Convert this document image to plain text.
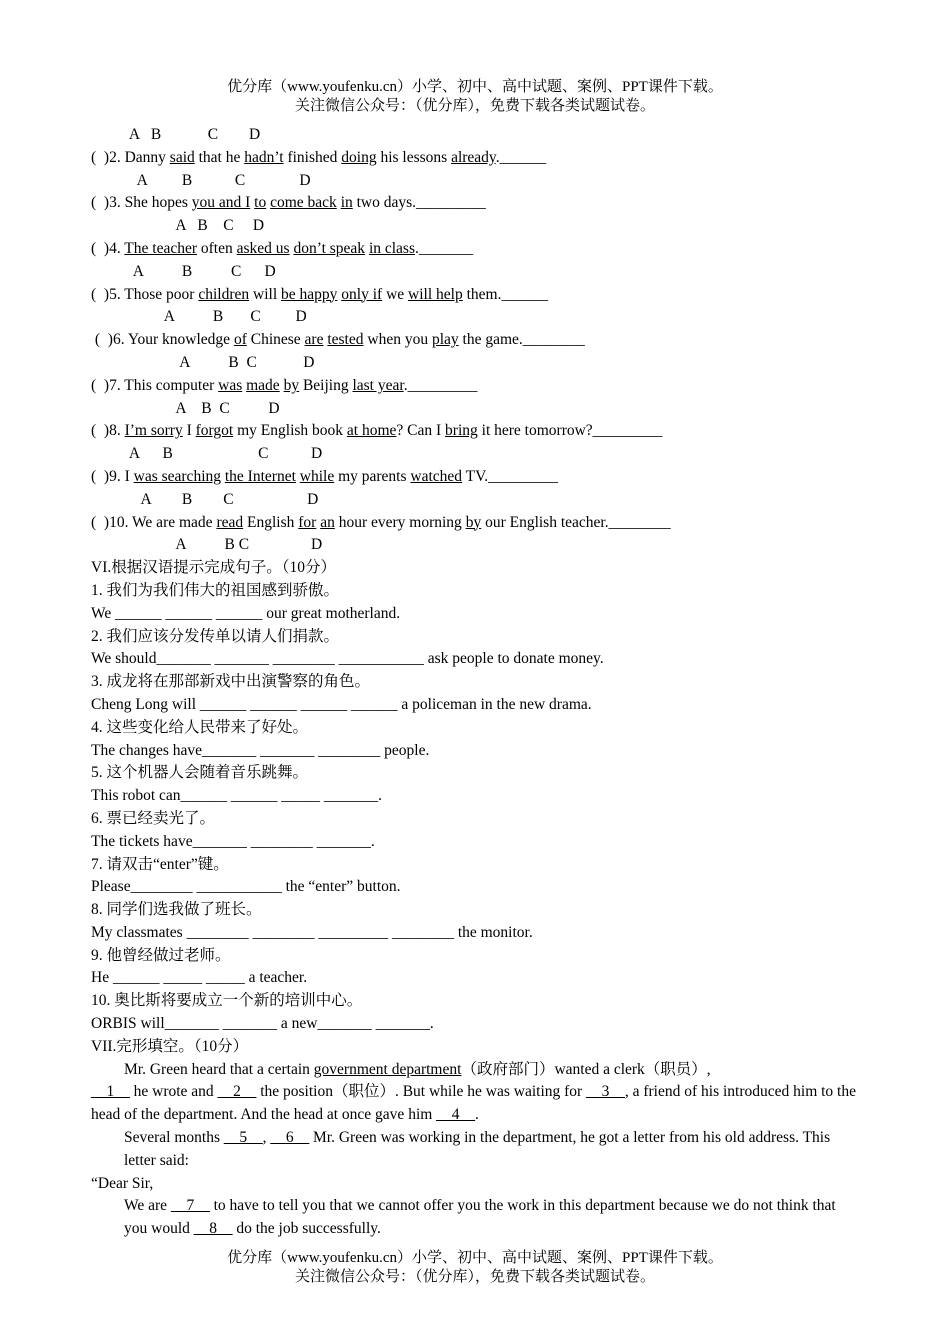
优分库（www.youfenku.cn）小学、初中、高中试题、案例、PPT课件下载。
关注微信公众号：（优分库），免费下载各类试题试卷。
A   B            C        D
(  )2. Danny said that he hadn’t finished doing his lessons already.______
A         B           C              D
(  )3. She hopes you and I to come back in two days._________
A   B    C     D
(  )4. The teacher often asked us don’t speak in class._______
A          B          C      D
(  )5. Those poor children will be happy only if we will help them.______
A          B       C         D
(  )6. Your knowledge of Chinese are tested when you play the game.________
A          B  C            D
(  )7. This computer was made by Beijing last year._________
A    B  C          D
(  )8. I’m sorry I forgot my English book at home? Can I bring it here tomorrow?_________
A      B                      C           D
(  )9. I was searching the Internet while my parents watched TV._________
A        B        C                   D
(  )10. We are made read English for an hour every morning by our English teacher.________
A          B C                D
VI.根据汉语提示完成句子。（10分）
1. 我们为我们伟大的祖国感到骄傲。
We ______ ______ ______ our great motherland.
2. 我们应该分发传单以请人们捐款。
We should_______ _______ ________ ___________ ask people to donate money.
3. 成龙将在那部新戏中出演警察的角色。
Cheng Long will ______ ______ ______ ______ a policeman in the new drama.
4. 这些变化给人民带来了好处。
The changes have_______ _______ ________ people.
5. 这个机器人会随着音乐跳舞。
This robot can______ ______ _____ _______.
6. 票已经卖光了。
The tickets have_______ ________ _______.
7. 请双击“enter”键。
Please________ ___________ the “enter” button.
8. 同学们选我做了班长。
My classmates ________ ________ _________ ________ the monitor.
9. 他曾经做过老师。
He ______ _____ _____ a teacher.
10. 奥比斯将要成立一个新的培训中心。
ORBIS will_______ _______ a new_______ _______.
VII.完形填空。（10分）
Mr. Green heard that a certain government department（政府部门）wanted a clerk（职员）,
__1__ he wrote and __2__ the position（职位）. But while he was waiting for __3__, a friend of his introduced him to the head of the department. And the head at once gave him __4__.
Several months __5__, __6__ Mr. Green was working in the department, he got a letter from his old address. This letter said:
“Dear Sir,
We are __7__ to have to tell you that we cannot offer you the work in this department because we do not think that you would __8__ do the job successfully.
优分库（www.youfenku.cn）小学、初中、高中试题、案例、PPT课件下载。
关注微信公众号：（优分库），免费下载各类试题试卷。
